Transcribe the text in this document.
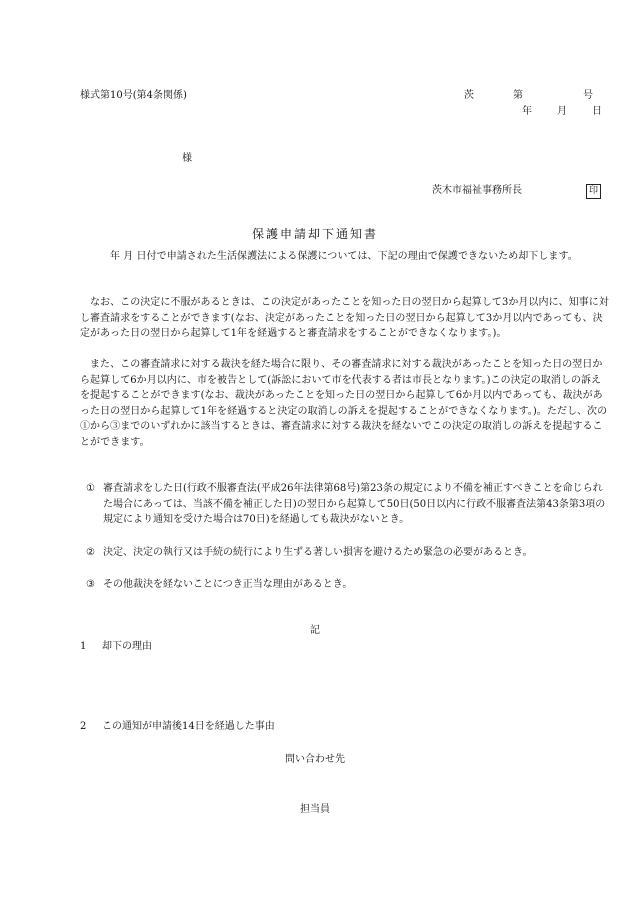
様式第10号(第4条関係)	茨	第	号
年	月	日
様
茨木市福祉事務所長	印
保護申請却下通知書
年 月 日付で申請された生活保護法による保護については、下記の理由で保護できないため却下します。
なお、この決定に不服があるときは、この決定があったことを知った日の翌日から起算して3か月以内に、知事に対し審査請求をすることができます(なお、決定があったことを知った日の翌日から起算して3か月以内であっても、決定があった日の翌日から起算して1年を経過すると審査請求をすることができなくなります。)。
また、この審査請求に対する裁決を経た場合に限り、その審査請求に対する裁決があったことを知った日の翌日から起算して6か月以内に、市を被告として(訴訟において市を代表する者は市長となります。)この決定の取消しの訴えを提起することができます(なお、裁決があったことを知った日の翌日から起算して6か月以内であっても、裁決があった日の翌日から起算して1年を経過すると決定の取消しの訴えを提起することができなくなります。)。ただし、次の①から③までのいずれかに該当するときは、審査請求に対する裁決を経ないでこの決定の取消しの訴えを提起することができます。
① 審査請求をした日(行政不服審査法(平成26年法律第68号)第23条の規定により不備を補正すべきことを命じられた場合にあっては、当該不備を補正した日)の翌日から起算して50日(50日以内に行政不服審査法第43条第3項の規定により通知を受けた場合は70日)を経過しても裁決がないとき。
② 決定、決定の執行又は手続の続行により生ずる著しい損害を避けるため緊急の必要があるとき。
③ その他裁決を経ないことにつき正当な理由があるとき。
記
1 却下の理由
2 この通知が申請後14日を経過した事由
問い合わせ先
担当員
